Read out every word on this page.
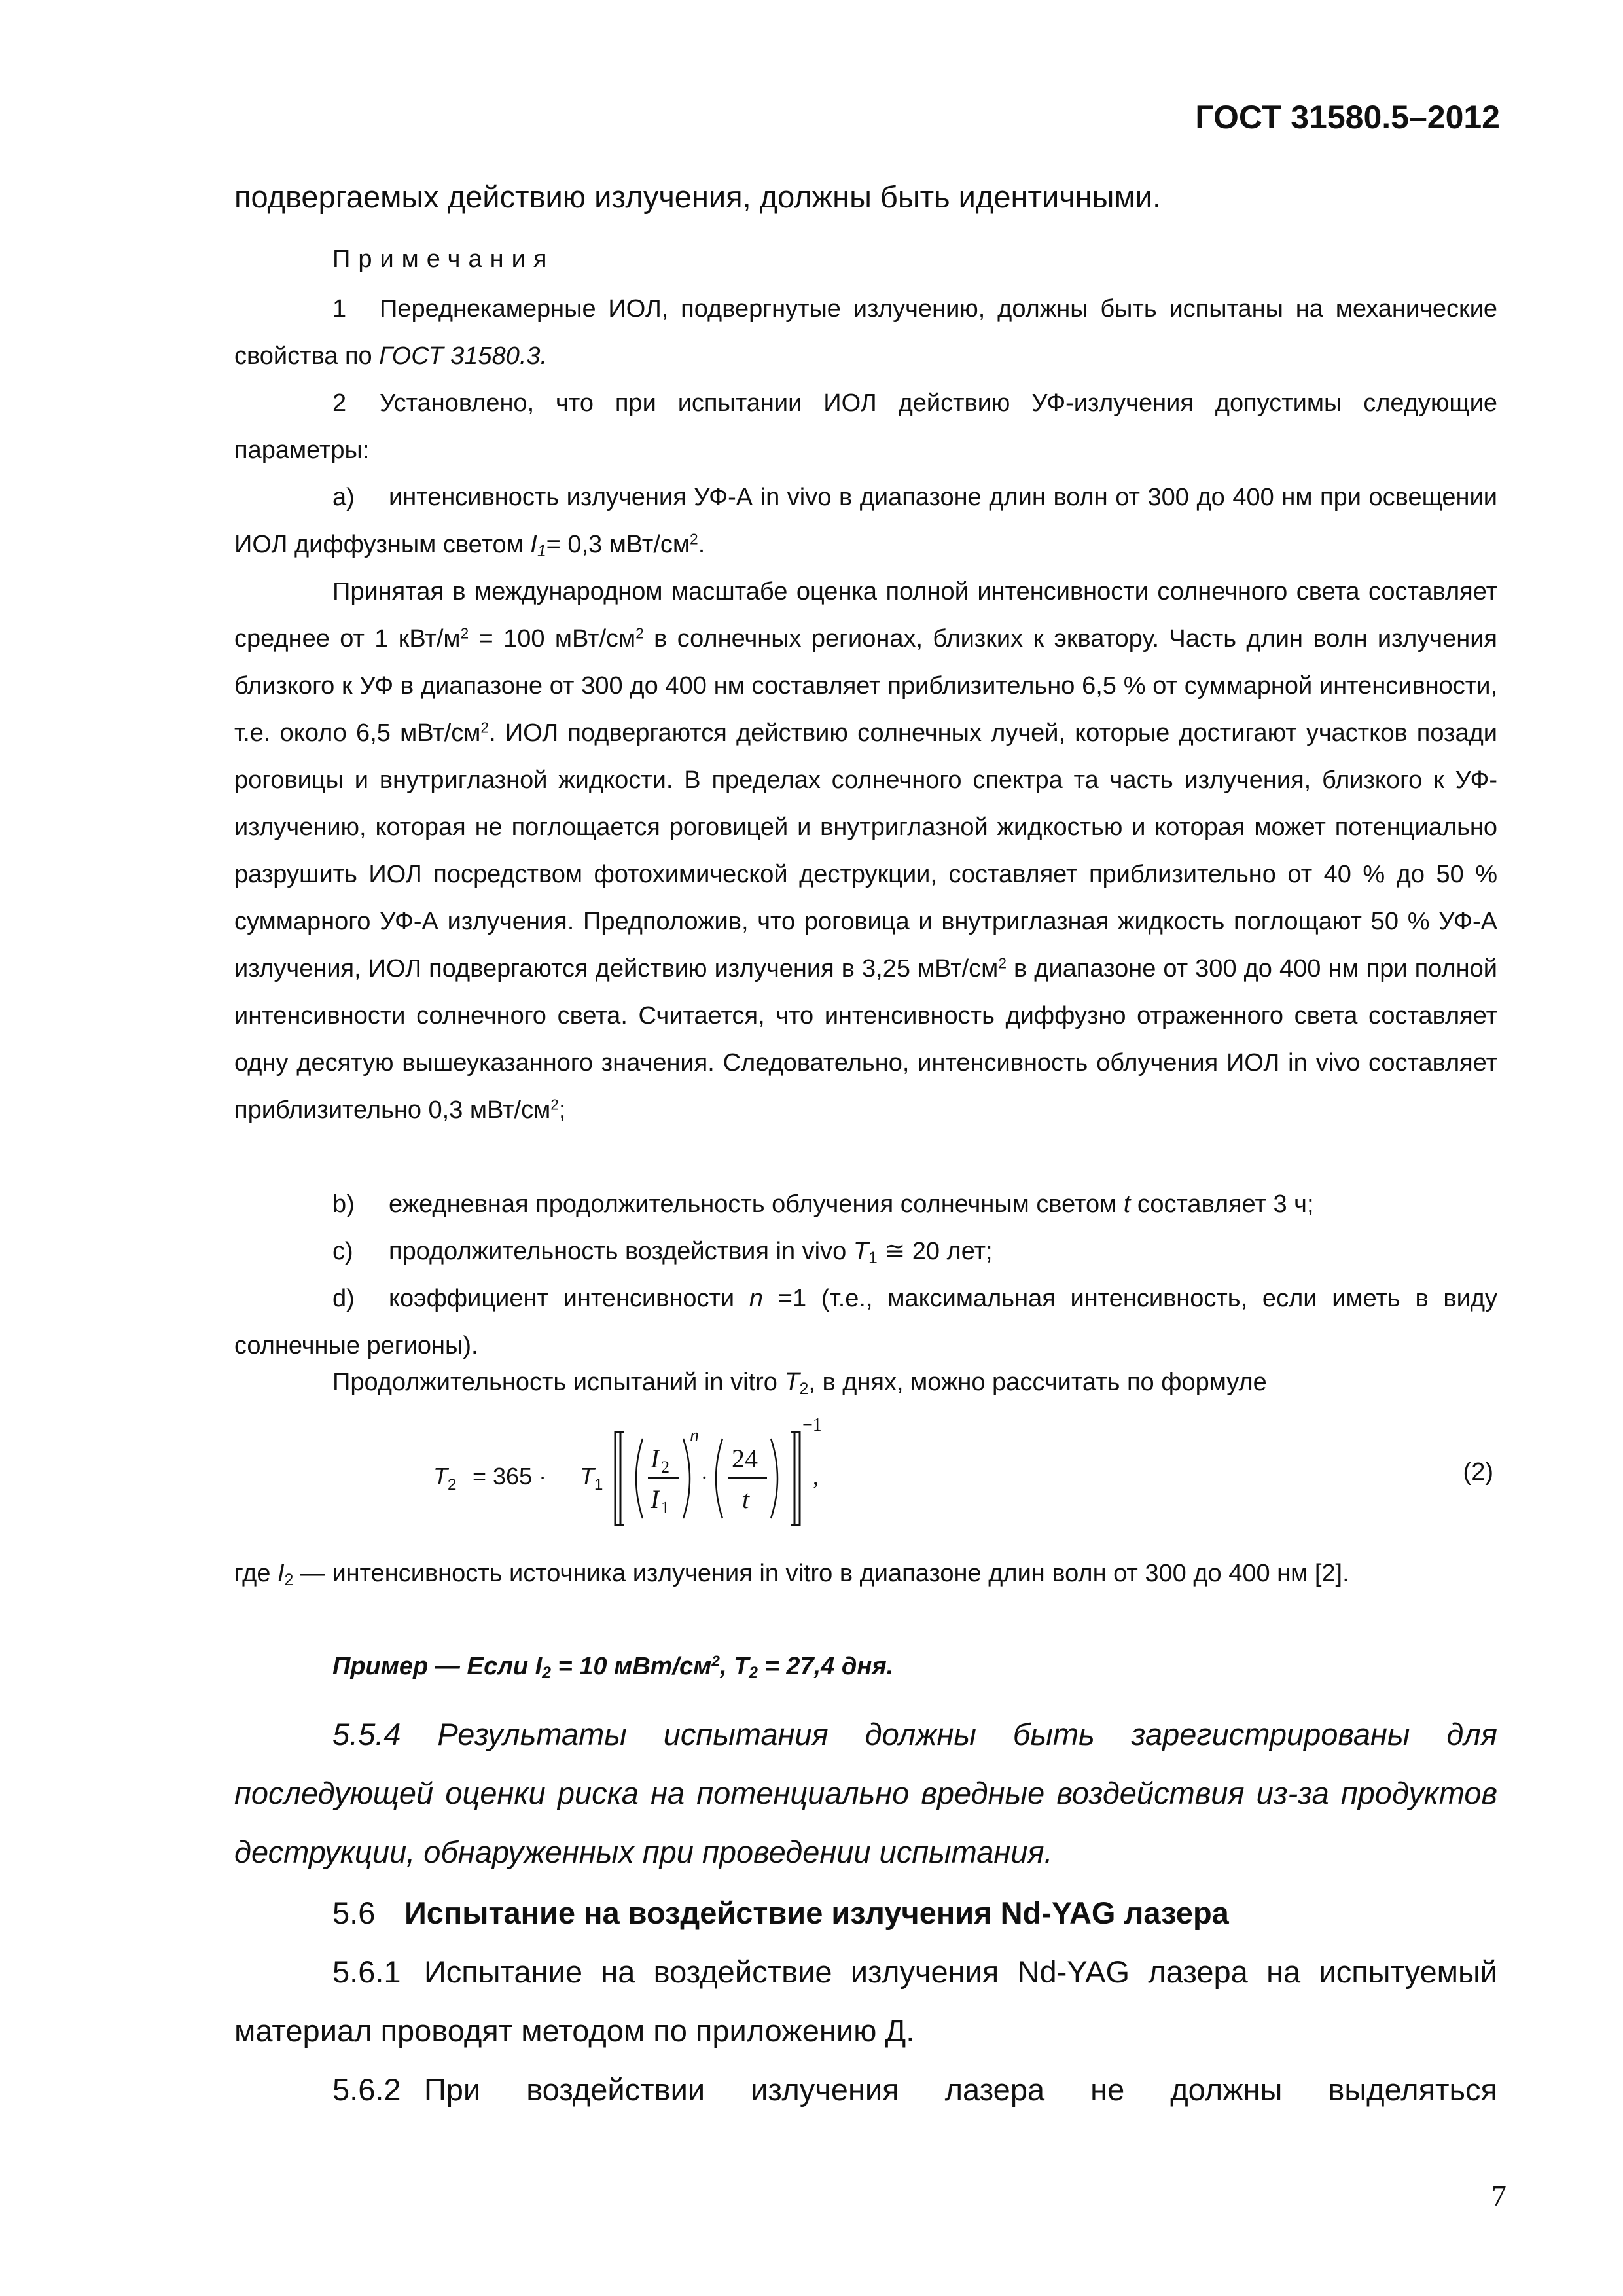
ГОСТ 31580.5–2012
подвергаемых действию излучения, должны быть идентичными.
Примечания
1 Переднекамерные ИОЛ, подвергнутые излучению, должны быть испытаны на механические свойства по ГОСТ 31580.3.
2 Установлено, что при испытании ИОЛ действию УФ-излучения допустимы следующие параметры:
a) интенсивность излучения УФ-А in vivo в диапазоне длин волн от 300 до 400 нм при освещении ИОЛ диффузным светом $I_1= 0,3$ мВт/$см^2$.
Принятая в международном масштабе оценка полной интенсивности солнечного света составляет среднее от 1 кВт/$м^2 = 100$ мВт/$см^2$ в солнечных регионах, близких к экватору. Часть длин волн излучения близкого к УФ в диапазоне от 300 до 400 нм составляет приблизительно 6,5 % от суммарной интенсивности, т.е. около 6,5 мВт/$см^2$. ИОЛ подвергаются действию солнечных лучей, которые достигают участков позади роговицы и внутриглазной жидкости. В пределах солнечного спектра та часть излучения, близкого к УФ-излучению, которая не поглощается роговицей и внутриглазной жидкостью и которая может потенциально разрушить ИОЛ посредством фотохимической деструкции, составляет приблизительно от 40 % до 50 % суммарного УФ-А излучения. Предположив, что роговица и внутриглазная жидкость поглощают 50 % УФ-А излучения, ИОЛ подвергаются действию излучения в 3,25 мВт/$см^2$ в диапазоне от 300 до 400 нм при полной интенсивности солнечного света. Считается, что интенсивность диффузно отраженного света составляет одну десятую вышеуказанного значения. Следовательно, интенсивность облучения ИОЛ in vivo составляет приблизительно 0,3 мВт/$см^2$;
b) ежедневная продолжительность облучения солнечным светом t составляет 3 ч;
c) продолжительность воздействия in vivo $T_1$ ≅ 20 лет;
d) коэффициент интенсивности n =1 (т.е., максимальная интенсивность, если иметь в виду солнечные регионы).
Продолжительность испытаний in vitro $T_2$, в днях, можно рассчитать по формуле
T 2 = 365 · T 1
I 2
I 1
n
·
24
t
−1
,	(2)
где $I_2$ — интенсивность источника излучения in vitro в диапазоне длин волн от 300 до 400 нм [2].
Пример — Если $I_2 = 10$ мВт/$см^2$, $T_2 = 27,4$ дня.
5.5.4 Результаты испытания должны быть зарегистрированы для последующей оценки риска на потенциально вредные воздействия из-за продуктов деструкции, обнаруженных при проведении испытания.
5.6 Испытание на воздействие излучения Nd-YAG лазера
5.6.1 Испытание на воздействие излучения Nd-YAG лазера на испытуемый материал проводят методом по приложению Д.
5.6.2 При воздействии излучения лазера не должны выделяться
7
